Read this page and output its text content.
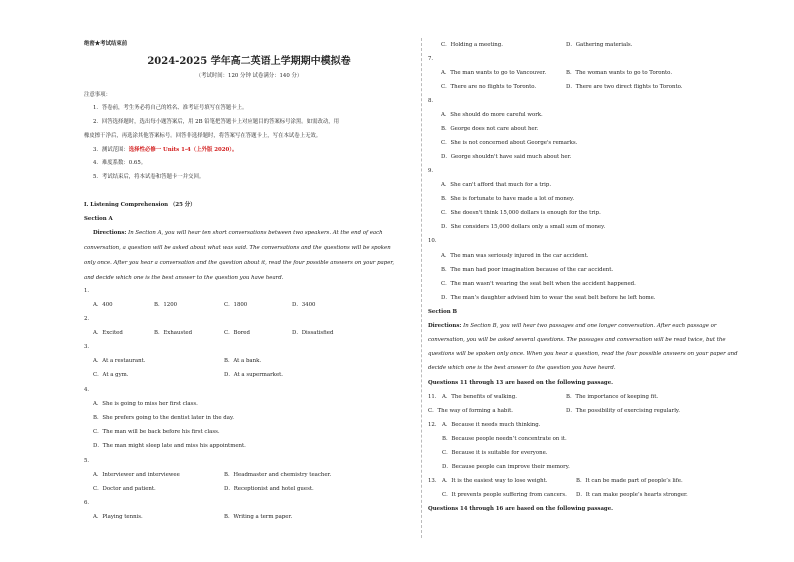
绝密★考试结束前
2024-2025 学年高二英语上学期期中模拟卷
（考试时间：120 分钟 试卷满分：140 分）
注意事项：
1．答卷前，考生务必将自己的姓名、准考证号填写在答题卡上。
2．回答选择题时，选出每小题答案后，用 2B 铅笔把答题卡上对应题目的答案标号涂黑。如需改动，用
橡皮擦干净后，再选涂其他答案标号。回答非选择题时，将答案写在答题卡上，写在本试卷上无效。
3．测试范围：选择性必修一 Units 1-4（上外版 2020）。
4．难度系数：0.65。
5．考试结束后，将本试卷和答题卡一并交回。
I. Listening Comprehension （25 分）
Section A
Directions: In Section A, you will hear ten short conversations between two speakers. At the end of each
conversation, a question will be asked about what was said. The conversations and the questions will be spoken
only once. After you hear a conversation and the question about it, read the four possible answers on your paper,
and decide which one is the best answer to the question you have heard.
1．
A．400	B．1200	C．1800	D．3400
2．
A．Excited	B．Exhausted	C．Bored	D．Dissatisfied
3．
A．At a restaurant.	B．At a bank.
C．At a gym.	D．At a supermarket.
4．
A．She is going to miss her first class.
B．She prefers going to the dentist later in the day.
C．The man will be back before his first class.
D．The man might sleep late and miss his appointment.
5．
A．Interviewer and interviewee	B．Headmaster and chemistry teacher.
C．Doctor and patient.	D．Receptionist and hotel guest.
6．
A．Playing tennis.	B．Writing a term paper.
C．Holding a meeting.	D．Gathering materials.
7．
A．The man wants to go to Vancouver.	B．The woman wants to go to Toronto.
C．There are no flights to Toronto.	D．There are two direct flights to Toronto.
8．
A．She should do more careful work.
B．George does not care about her.
C．She is not concerned about George's remarks.
D．George shouldn't have said much about her.
9．
A．She can't afford that much for a trip.
B．She is fortunate to have made a lot of money.
C．She doesn't think 15,000 dollars is enough for the trip.
D．She considers 15,000 dollars only a small sum of money.
10．
A．The man was seriously injured in the car accident.
B．The man had poor imagination because of the car accident.
C．The man wasn't wearing the seat belt when the accident happened.
D．The man’s daughter advised him to wear the seat belt before he left home.
Section B
Directions: In Section B, you will hear two passages and one longer conversation. After each passage or
conversation, you will be asked several questions. The passages and conversation will be read twice, but the
questions will be spoken only once. When you hear a question, read the four possible answers on your paper and
decide which one is the best answer to the question you have heard.
Questions 11 through 13 are based on the following passage.
11． A．The benefits of walking.	B．The importance of keeping fit.
C．The way of forming a habit.	D．The possibility of exercising regularly.
12． A．Because it needs much thinking.
B．Because people needn’t concentrate on it.
C．Because it is suitable for everyone.
D．Because people can improve their memory.
13． A．It is the easiest way to lose weight.	B．It can be made part of people’s life.
C．It prevents people suffering from cancers. D．It can make people’s hearts stronger.
Questions 14 through 16 are based on the following passage.
